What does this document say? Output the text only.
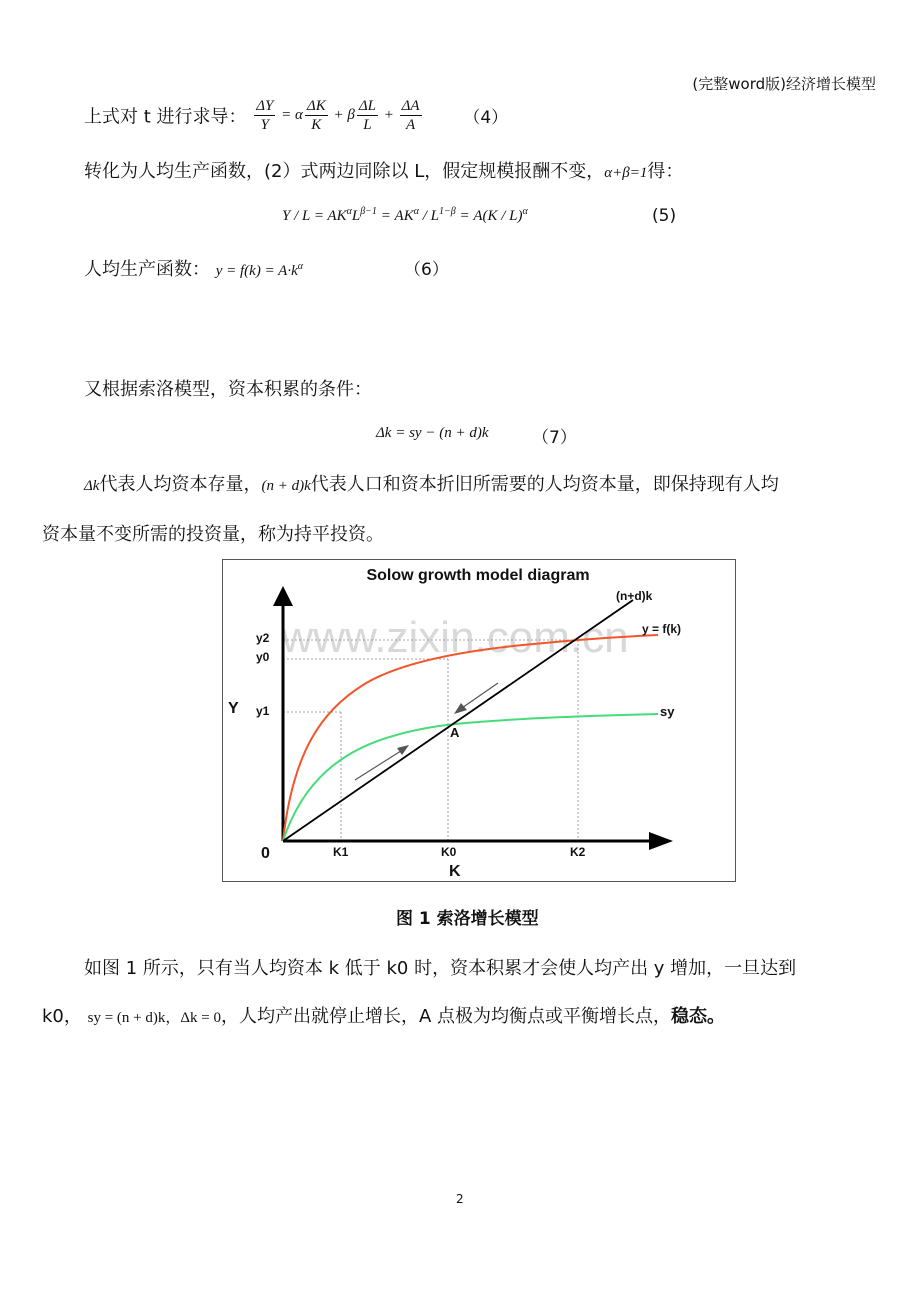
(完整word版)经济增长模型
上式对 t 进行求导： $\frac{\Delta Y}{Y} = \alpha \frac{\Delta K}{K} + \beta \frac{\Delta L}{L} + \frac{\Delta A}{A} (4)$
转化为人均生产函数，(2）式两边同除以 L，假定规模报酬不变，α+β=1得：
$Y / L = AK^\alpha L^{\beta-1} = AK^\alpha / L^{1-\beta} = A(K / L)^\alpha$	(5)
人均生产函数： $y = f(k) = A\cdot k^\alpha$	（6）
又根据索洛模型，资本积累的条件：
Δk = sy − (n + d)k	（7）
Δk代表人均资本存量，(n + d)k代表人口和资本折旧所需要的人均资本量，即保持现有人均
资本量不变所需的投资量，称为持平投资。
Solow growth model diagram
www.zixin.com.cn
(n+d)k
y = f(k)
sy
A
Y
K
0
y2
y0
y1
K1	K0	K2
图 1 索洛增长模型
如图 1 所示，只有当人均资本 k 低于 k0 时，资本积累才会使人均产出 y 增加，一旦达到
k0， sy = (n + d)k，Δk = 0，人均产出就停止增长，A 点极为均衡点或平衡增长点，稳态。
2
